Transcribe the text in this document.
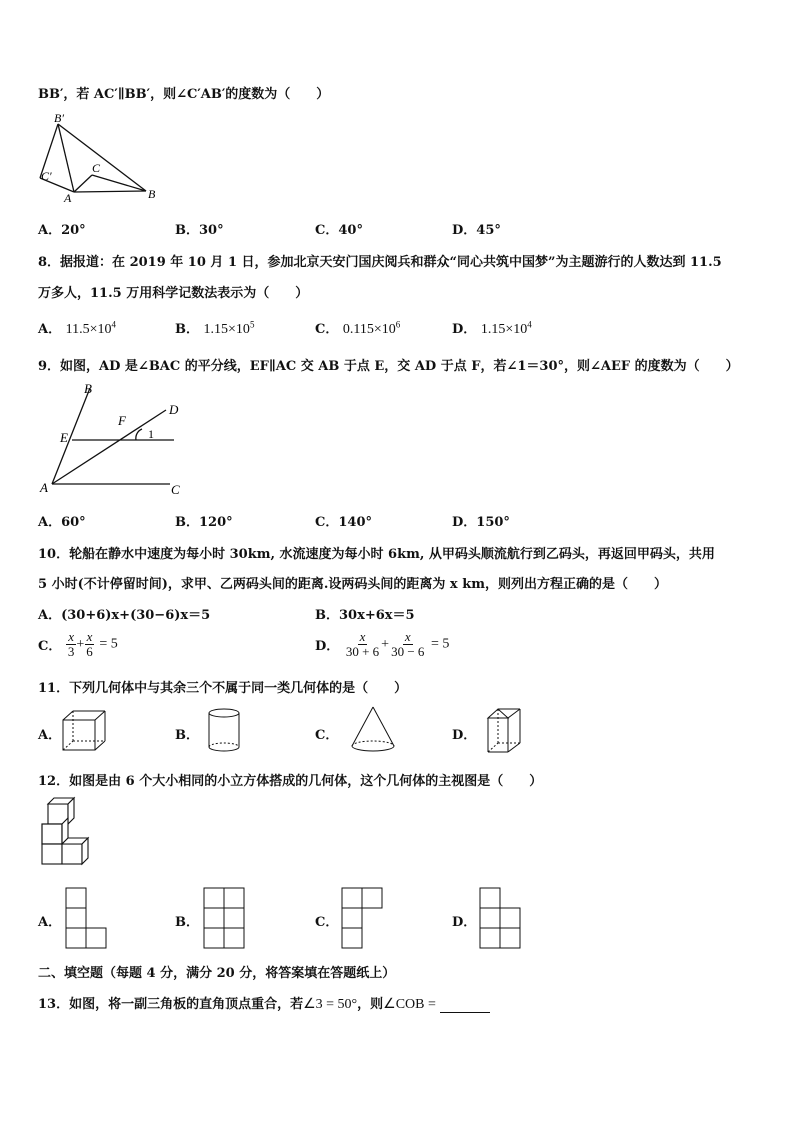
BB′，若 AC′∥BB′，则∠C′AB′的度数为（　　）
B′
C′
C
A	B
A．20°	B．30°	C．40°	D．45°
8．据报道：在 2019 年 10 月 1 日，参加北京天安门国庆阅兵和群众“同心共筑中国梦”为主题游行的人数达到 11.5
万多人，11.5 万用科学记数法表示为（　　）
A． $11.5\times 10^4$	B． $1.15\times 10^5$	C． $0.115\times 10^6$	D． $1.15\times 10^4$
9．如图，AD 是∠BAC 的平分线，EF∥AC 交 AB 于点 E，交 AD 于点 F，若∠1＝30°，则∠AEF 的度数为（　　）
B
D
E
F
1
A	C
A．60°	B．120°	C．140°	D．150°
10．轮船在静水中速度为每小时 30km, 水流速度为每小时 6km, 从甲码头顺流航行到乙码头，再返回甲码头，共用
5 小时(不计停留时间)，求甲、乙两码头间的距离.设两码头间的距离为 x km，则列出方程正确的是（　　）
A．(30+6)x+(30−6)x＝5	B．30x+6x＝5
C． $\frac{x}{3} + \frac{x}{6} = 5$	D． $\frac{x}{30 + 6} + \frac{x}{30 - 6} = 5$
11．下列几何体中与其余三个不属于同一类几何体的是（　　）
A．	B．	C．	D．
12．如图是由 6 个大小相同的小立方体搭成的几何体，这个几何体的主视图是（　　）
A．	B．	C．	D．
二、填空题（每题 4 分，满分 20 分，将答案填在答题纸上）
13．如图，将一副三角板的直角顶点重合，若∠3 = 50°，则∠COB =
